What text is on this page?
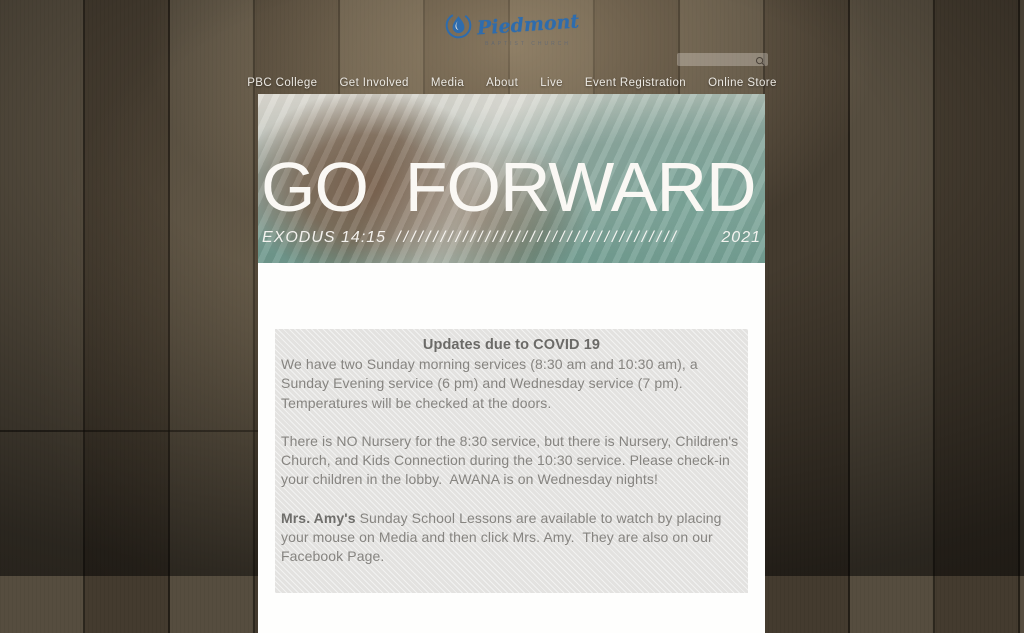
Piedmont
BAPTIST CHURCH
PBC College Get Involved Media About Live Event Registration Online Store
GO  FORWARD
EXODUS 14:15 //////////////////////////////////////	2021
Updates due to COVID 19

We have two Sunday morning services (8:30 am and 10:30 am), a Sunday Evening service (6 pm) and Wednesday service (7 pm). Temperatures will be checked at the doors.

There is NO Nursery for the 8:30 service, but there is Nursery, Children's Church, and Kids Connection during the 10:30 service. Please check-in your children in the lobby.  AWANA is on Wednesday nights!

Mrs. Amy's Sunday School Lessons are available to watch by placing your mouse on Media and then click Mrs. Amy.  They are also on our Facebook Page.
